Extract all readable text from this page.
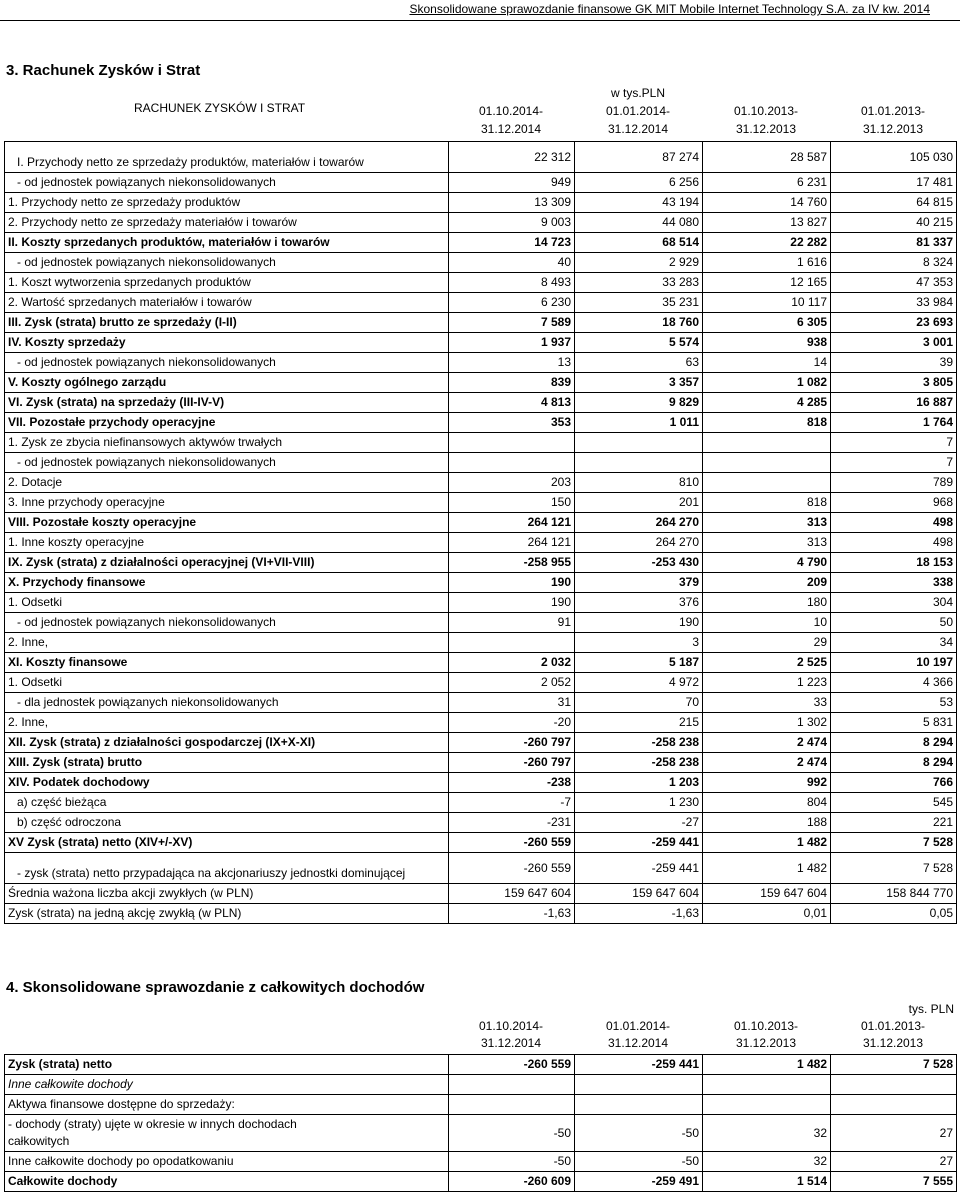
Skonsolidowane sprawozdanie finansowe GK MIT Mobile Internet Technology S.A. za IV kw. 2014
3. Rachunek Zysków i Strat
RACHUNEK ZYSKÓW I STRAT
w tys.PLN
01.10.2014-
31.12.2014
01.01.2014-
31.12.2014
01.10.2013-
31.12.2013
01.01.2013-
31.12.2013
I. Przychody netto ze sprzedaży produktów, materiałów i towarów	22 312	87 274	28 587	105 030
- od jednostek powiązanych niekonsolidowanych	949	6 256	6 231	17 481
1. Przychody netto ze sprzedaży produktów	13 309	43 194	14 760	64 815
2. Przychody netto ze sprzedaży materiałów i towarów	9 003	44 080	13 827	40 215
II. Koszty sprzedanych produktów, materiałów i towarów	14 723	68 514	22 282	81 337
- od jednostek powiązanych niekonsolidowanych	40	2 929	1 616	8 324
1. Koszt wytworzenia sprzedanych produktów	8 493	33 283	12 165	47 353
2. Wartość sprzedanych materiałów i towarów	6 230	35 231	10 117	33 984
III. Zysk (strata) brutto ze sprzedaży (I-II)	7 589	18 760	6 305	23 693
IV. Koszty sprzedaży	1 937	5 574	938	3 001
- od jednostek powiązanych niekonsolidowanych	13	63	14	39
V. Koszty ogólnego zarządu	839	3 357	1 082	3 805
VI. Zysk (strata) na sprzedaży (III-IV-V)	4 813	9 829	4 285	16 887
VII. Pozostałe przychody operacyjne	353	1 011	818	1 764
1. Zysk ze zbycia niefinansowych aktywów trwałych				7
- od jednostek powiązanych niekonsolidowanych				7
2. Dotacje	203	810		789
3. Inne przychody operacyjne	150	201	818	968
VIII. Pozostałe koszty operacyjne	264 121	264 270	313	498
1. Inne koszty operacyjne	264 121	264 270	313	498
IX. Zysk (strata) z działalności operacyjnej (VI+VII-VIII)	-258 955	-253 430	4 790	18 153
X. Przychody finansowe	190	379	209	338
1. Odsetki	190	376	180	304
- od jednostek powiązanych niekonsolidowanych	91	190	10	50
2. Inne,		3	29	34
XI. Koszty finansowe	2 032	5 187	2 525	10 197
1. Odsetki	2 052	4 972	1 223	4 366
- dla jednostek powiązanych niekonsolidowanych	31	70	33	53
2. Inne,	-20	215	1 302	5 831
XII. Zysk (strata) z działalności gospodarczej (IX+X-XI)	-260 797	-258 238	2 474	8 294
XIII. Zysk (strata) brutto	-260 797	-258 238	2 474	8 294
XIV. Podatek dochodowy	-238	1 203	992	766
a) część bieżąca	-7	1 230	804	545
b) część odroczona	-231	-27	188	221
XV Zysk (strata) netto (XIV+/-XV)	-260 559	-259 441	1 482	7 528
- zysk (strata) netto przypadająca na akcjonariuszy jednostki dominującej	-260 559	-259 441	1 482	7 528
Średnia ważona liczba akcji zwykłych (w PLN)	159 647 604	159 647 604	159 647 604	158 844 770
Zysk (strata) na jedną akcję zwykłą (w PLN)	-1,63	-1,63	0,01	0,05
4. Skonsolidowane sprawozdanie z całkowitych dochodów
tys. PLN
01.10.2014-
31.12.2014
01.01.2014-
31.12.2014
01.10.2013-
31.12.2013
01.01.2013-
31.12.2013
Zysk (strata) netto	-260 559	-259 441	1 482	7 528
Inne całkowite dochody				
Aktywa finansowe dostępne do sprzedaży:				

- dochody (straty) ujęte w okresie w innych dochodach
całkowitych	-50	-50	32	27
Inne całkowite dochody po opodatkowaniu	-50	-50	32	27
Całkowite dochody	-260 609	-259 491	1 514	7 555
